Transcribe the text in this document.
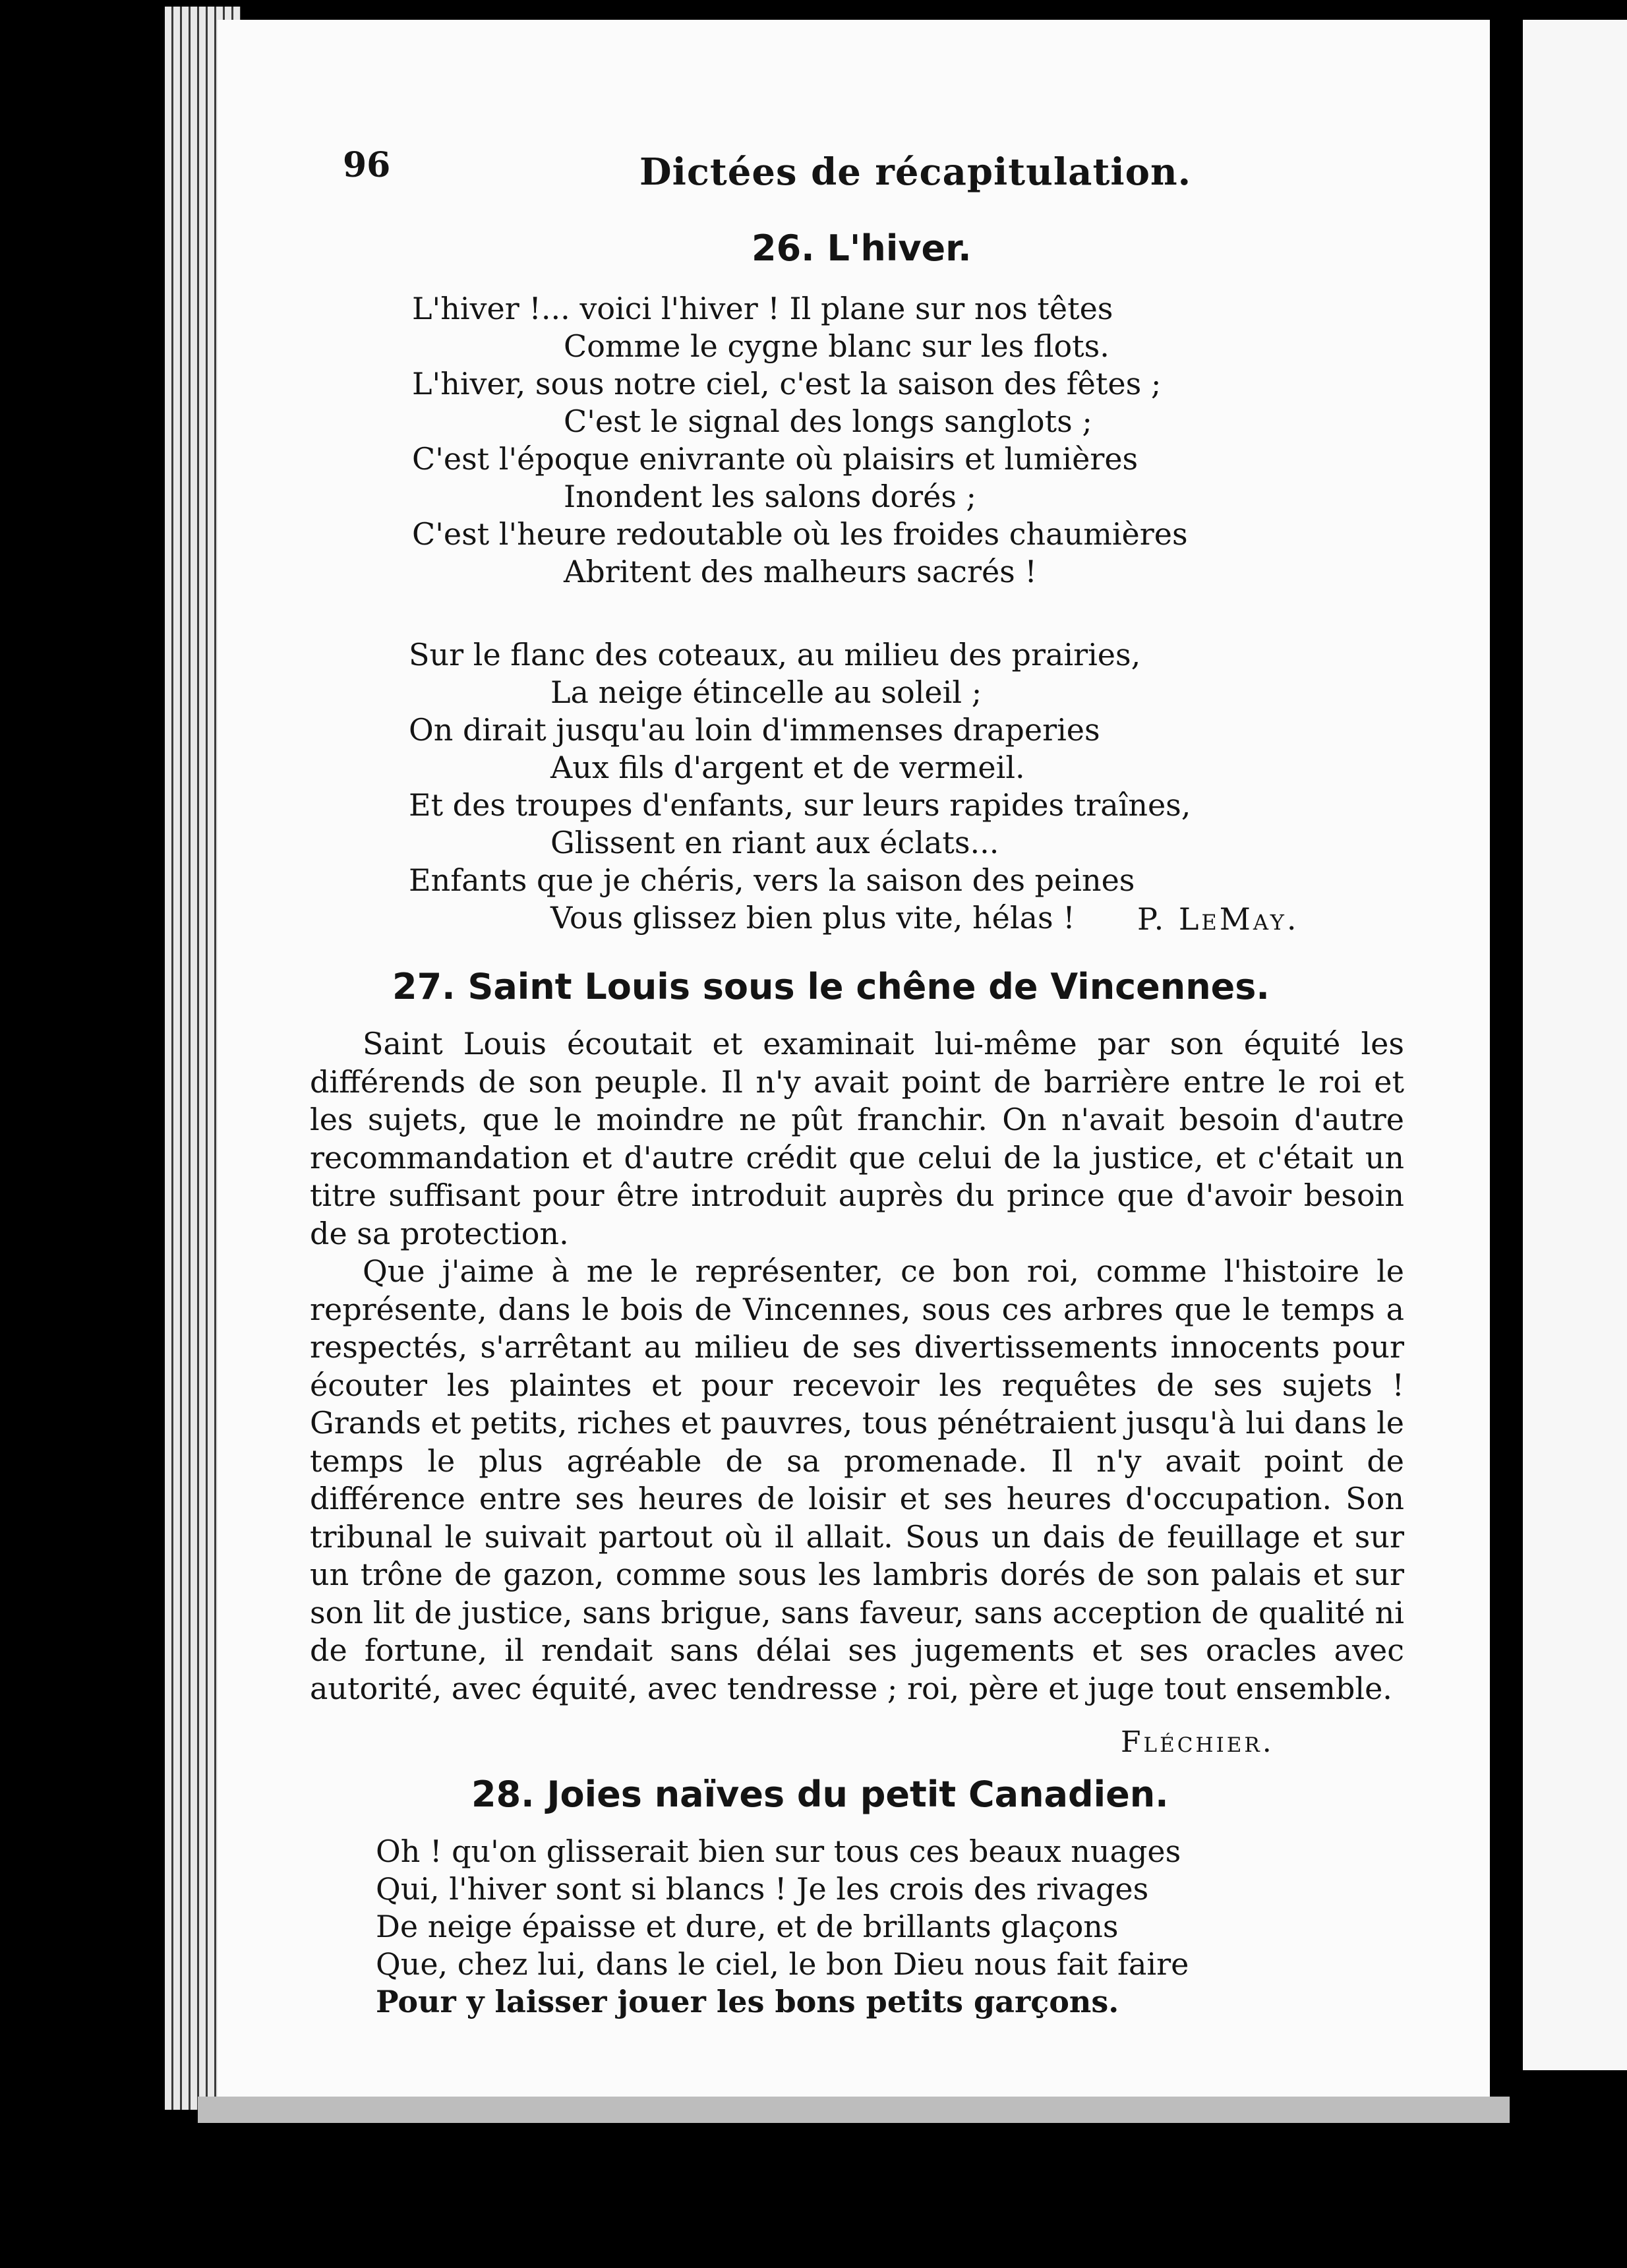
96	Dictées de récapitulation.
26. L'hiver.
L'hiver !... voici l'hiver ! Il plane sur nos têtes
Comme le cygne blanc sur les flots.
L'hiver, sous notre ciel, c'est la saison des fêtes ;
C'est le signal des longs sanglots ;
C'est l'époque enivrante où plaisirs et lumières
Inondent les salons dorés ;
C'est l'heure redoutable où les froides chaumières
Abritent des malheurs sacrés !
Sur le flanc des coteaux, au milieu des prairies,
La neige étincelle au soleil ;
On dirait jusqu'au loin d'immenses draperies
Aux fils d'argent et de vermeil.
Et des troupes d'enfants, sur leurs rapides traînes,
Glissent en riant aux éclats...
Enfants que je chéris, vers la saison des peines
Vous glissez bien plus vite, hélas !	P. LeMay.
27. Saint Louis sous le chêne de Vincennes.

Saint Louis écoutait et examinait lui-même par son équité les différends de son peuple. Il n'y avait point de barrière entre le roi et les sujets, que le moindre ne pût franchir. On n'avait besoin d'autre recommandation et d'autre crédit que celui de la justice, et c'était un titre suffisant pour être introduit auprès du prince que d'avoir besoin de sa protection.

Que j'aime à me le représenter, ce bon roi, comme l'histoire le représente, dans le bois de Vincennes, sous ces arbres que le temps a respectés, s'arrêtant au milieu de ses divertissements innocents pour écouter les plaintes et pour recevoir les requêtes de ses sujets ! Grands et petits, riches et pauvres, tous pénétraient jusqu'à lui dans le temps le plus agréable de sa promenade. Il n'y avait point de différence entre ses heures de loisir et ses heures d'occupation. Son tribunal le suivait partout où il allait. Sous un dais de feuillage et sur un trône de gazon, comme sous les lambris dorés de son palais et sur son lit de justice, sans brigue, sans faveur, sans acception de qualité ni de fortune, il rendait sans délai ses jugements et ses oracles avec autorité, avec équité, avec tendresse ; roi, père et juge tout ensemble.

Fléchier.
28. Joies naïves du petit Canadien.
Oh ! qu'on glisserait bien sur tous ces beaux nuages
Qui, l'hiver sont si blancs ! Je les crois des rivages
De neige épaisse et dure, et de brillants glaçons
Que, chez lui, dans le ciel, le bon Dieu nous fait faire
Pour y laisser jouer les bons petits garçons.
